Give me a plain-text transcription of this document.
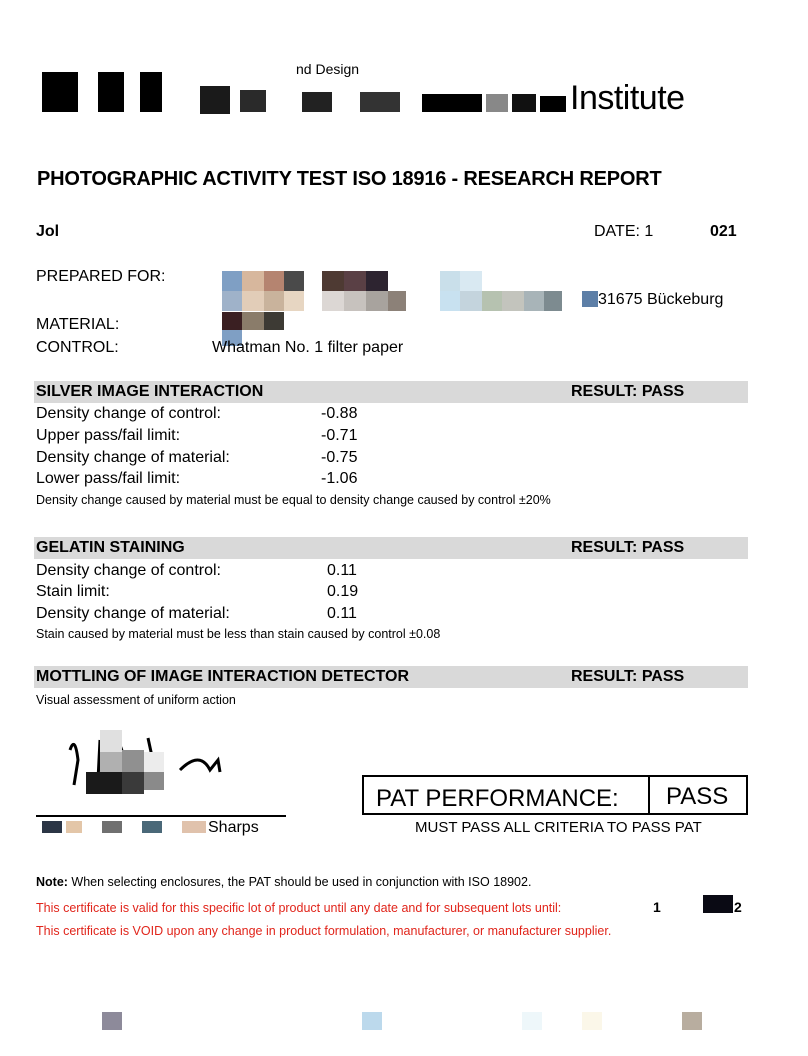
nd Design
Institute
PHOTOGRAPHIC ACTIVITY TEST ISO 18916 - RESEARCH REPORT
Jol	DATE: 1	021
PREPARED FOR:
31675 Bückeburg
MATERIAL:
CONTROL:	Whatman No. 1 filter paper
SILVER IMAGE INTERACTION	RESULT: PASS
Density change of control:	-0.88
Upper pass/fail limit:	-0.71
Density change of material:	-0.75
Lower pass/fail limit:	-1.06
Density change caused by material must be equal to density change caused by control ±20%
GELATIN STAINING	RESULT: PASS
Density change of control:	0.11
Stain limit:	0.19
Density change of material:	0.11
Stain caused by material must be less than stain caused by control ±0.08
MOTTLING OF IMAGE INTERACTION DETECTOR	RESULT: PASS
Visual assessment of uniform action
Sharps
PAT PERFORMANCE: PASS
MUST PASS ALL CRITERIA TO PASS PAT
Note: When selecting enclosures, the PAT should be used in conjunction with ISO 18902.
This certificate is valid for this specific lot of product until any date and for subsequent lots until:	1	2
This certificate is VOID upon any change in product formulation, manufacturer, or manufacturer supplier.
